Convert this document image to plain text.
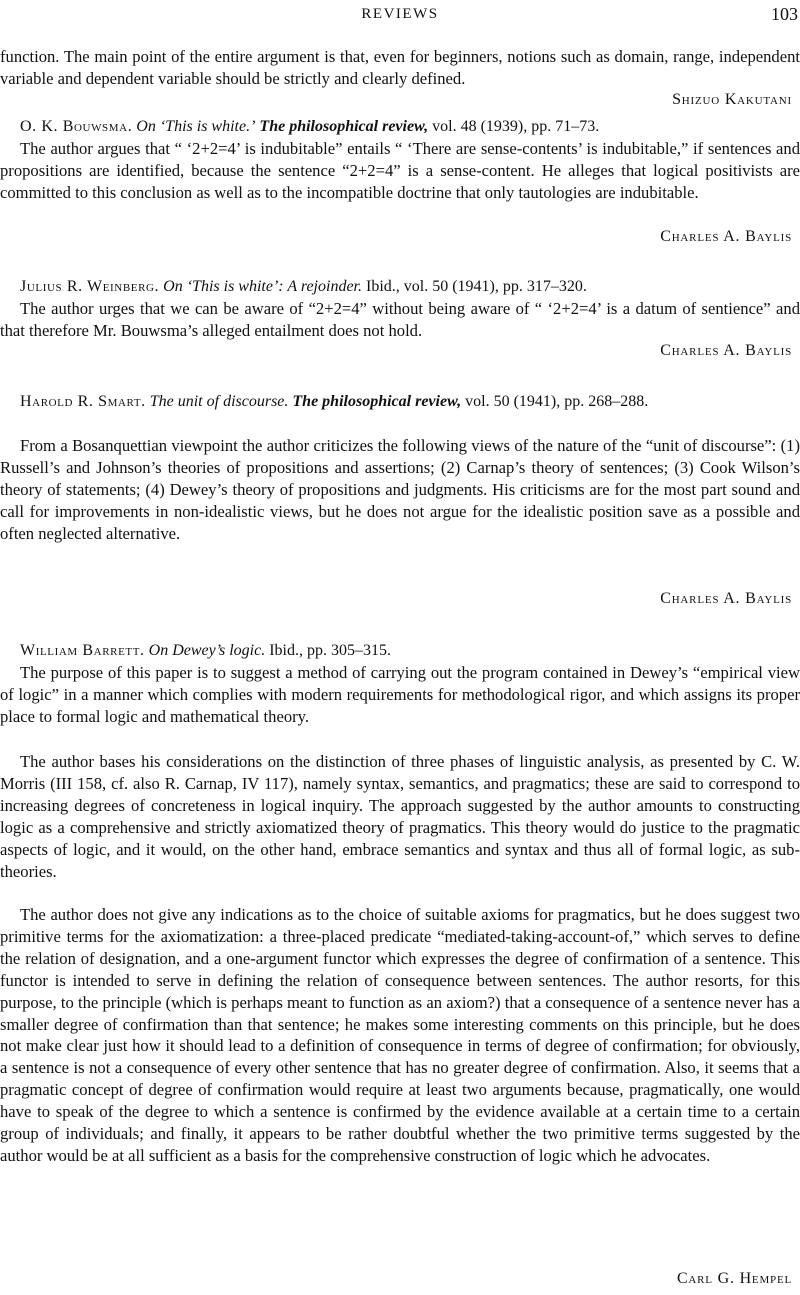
REVIEWS	103

function. The main point of the entire argument is that, even for beginners, notions such as domain, range, independent variable and dependent variable should be strictly and clearly defined.

Shizuo Kakutani

O. K. Bouwsma. On ‘This is white.’ The philosophical review, vol. 48 (1939), pp. 71–73.

The author argues that “ ‘2+2=4’ is indubitable” entails “ ‘There are sense-contents’ is indubitable,” if sentences and propositions are identified, because the sentence “2+2=4” is a sense-content. He alleges that logical positivists are committed to this conclusion as well as to the incompatible doctrine that only tautologies are indubitable.

Charles A. Baylis

Julius R. Weinberg. On ‘This is white’: A rejoinder. Ibid., vol. 50 (1941), pp. 317–320.

The author urges that we can be aware of “2+2=4” without being aware of “ ‘2+2=4’ is a datum of sentience” and that therefore Mr. Bouwsma’s alleged entailment does not hold.

Charles A. Baylis

Harold R. Smart. The unit of discourse. The philosophical review, vol. 50 (1941), pp. 268–288.

From a Bosanquettian viewpoint the author criticizes the following views of the nature of the “unit of discourse”: (1) Russell’s and Johnson’s theories of propositions and assertions; (2) Carnap’s theory of sentences; (3) Cook Wilson’s theory of statements; (4) Dewey’s theory of propositions and judgments. His criticisms are for the most part sound and call for improvements in non-idealistic views, but he does not argue for the idealistic position save as a possible and often neglected alternative.

Charles A. Baylis

William Barrett. On Dewey’s logic. Ibid., pp. 305–315.

The purpose of this paper is to suggest a method of carrying out the program contained in Dewey’s “empirical view of logic” in a manner which complies with modern requirements for methodological rigor, and which assigns its proper place to formal logic and mathematical theory.

The author bases his considerations on the distinction of three phases of linguistic analysis, as presented by C. W. Morris (III 158, cf. also R. Carnap, IV 117), namely syntax, semantics, and pragmatics; these are said to correspond to increasing degrees of concreteness in logical inquiry. The approach suggested by the author amounts to constructing logic as a comprehensive and strictly axiomatized theory of pragmatics. This theory would do justice to the pragmatic aspects of logic, and it would, on the other hand, embrace semantics and syntax and thus all of formal logic, as sub-theories.

The author does not give any indications as to the choice of suitable axioms for pragmatics, but he does suggest two primitive terms for the axiomatization: a three-placed predicate “mediated-taking-account-of,” which serves to define the relation of designation, and a one-argument functor which expresses the degree of confirmation of a sentence. This functor is intended to serve in defining the relation of consequence between sentences. The author resorts, for this purpose, to the principle (which is perhaps meant to function as an axiom?) that a consequence of a sentence never has a smaller degree of confirmation than that sentence; he makes some interesting comments on this principle, but he does not make clear just how it should lead to a definition of consequence in terms of degree of confirmation; for obviously, a sentence is not a consequence of every other sentence that has no greater degree of confirmation. Also, it seems that a pragmatic concept of degree of confirmation would require at least two arguments because, pragmatically, one would have to speak of the degree to which a sentence is confirmed by the evidence available at a certain time to a certain group of individuals; and finally, it appears to be rather doubtful whether the two primitive terms suggested by the author would be at all sufficient as a basis for the comprehensive construction of logic which he advocates.

Carl G. Hempel
